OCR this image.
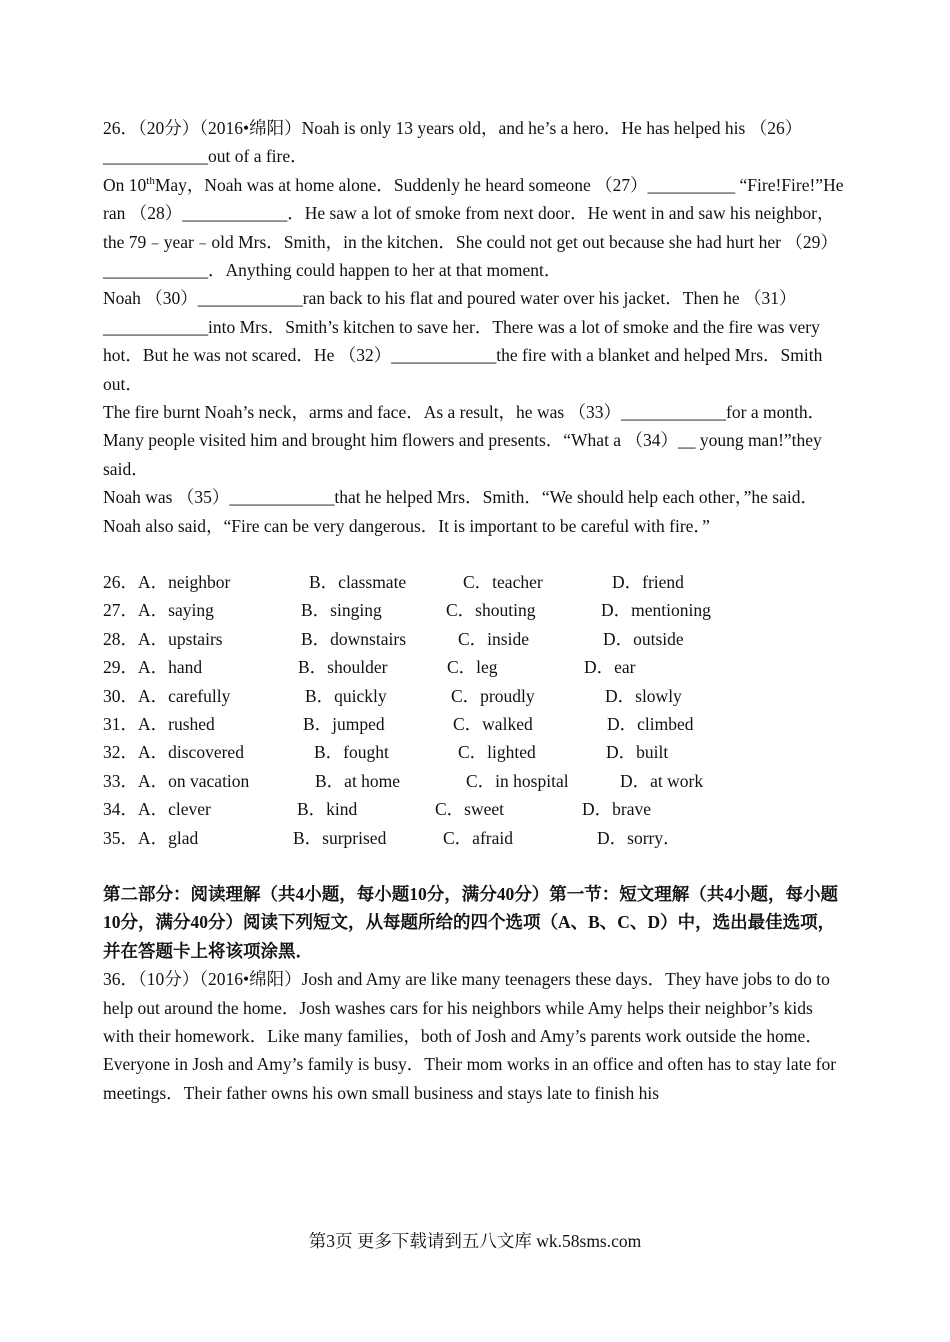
26．（20分）（2016•绵阳）Noah is only 13 years old，and he’s a hero．He has helped his （26）____________out of a fire．

On 10thMay，Noah was at home alone．Suddenly he heard someone （27）__________ “Fire!Fire!”He ran （28）____________．He saw a lot of smoke from next door．He went in and saw his neighbor，the 79﹣year﹣old Mrs．Smith，in the kitchen．She could not get out because she had hurt her （29）____________．Anything could happen to her at that moment．

Noah （30）____________ran back to his flat and poured water over his jacket．Then he （31）____________into Mrs．Smith’s kitchen to save her．There was a lot of smoke and the fire was very hot．But he was not scared．He （32）____________the fire with a blanket and helped Mrs．Smith out．

The fire burnt Noah’s neck，arms and face．As a result，he was （33）____________for a month．Many people visited him and brought him flowers and presents．“What a （34）__ young man!”they said．

Noah was （35）____________that he helped Mrs．Smith．“We should help each other，”he said．

Noah also said，“Fire can be very dangerous．It is important to be careful with fire．”

26．A．neighbor	B．classmate	C．teacher	D．friend
27．A．saying	B．singing	C．shouting	D．mentioning
28．A．upstairs	B．downstairs	C．inside	D．outside
29．A．hand	B．shoulder	C．leg	D．ear
30．A．carefully	B．quickly	C．proudly	D．slowly
31．A．rushed	B．jumped	C．walked	D．climbed
32．A．discovered	B．fought	C．lighted	D．built
33．A．on vacation	B．at home	C．in hospital	D．at work
34．A．clever	B．kind	C．sweet	D．brave
35．A．glad	B．surprised	C．afraid	D．sorry．

第二部分：阅读理解（共4小题，每小题10分，满分40分）第一节：短文理解（共4小题，每小题10分，满分40分）阅读下列短文，从每题所给的四个选项（A、B、C、D）中，选出最佳选项，并在答题卡上将该项涂黑．

36．（10分）（2016•绵阳）Josh and Amy are like many teenagers these days．They have jobs to do to help out around the home．Josh washes cars for his neighbors while Amy helps their neighbor’s kids with their homework．Like many families，both of Josh and Amy’s parents work outside the home．

Everyone in Josh and Amy’s family is busy．Their mom works in an office and often has to stay late for meetings．Their father owns his own small business and stays late to finish his

第3页 更多下载请到五八文库 wk.58sms.com
